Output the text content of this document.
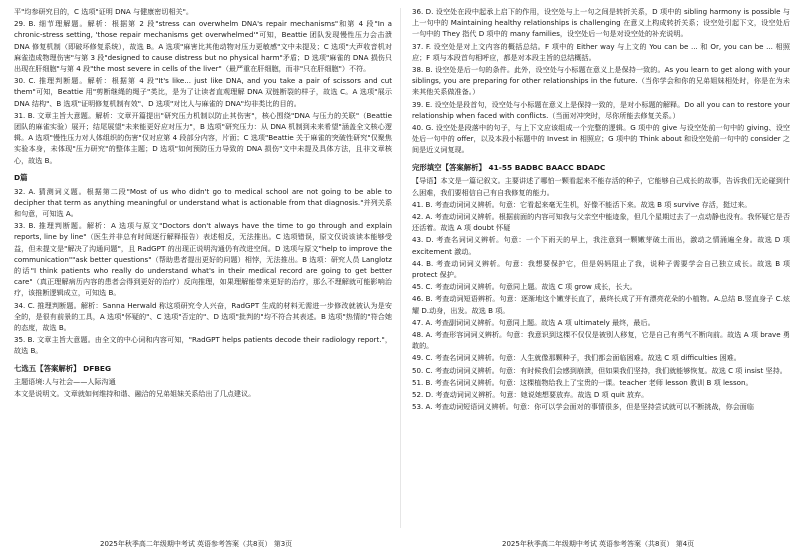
平"均参研究目的，C 选项"证明 DNA 与健康密切相关"。

29. B. 细节理解题。解析：根据第 2 段"stress can overwhelm DNA's repair mechanisms"和第 4 段"In a chronic-stress setting, 'those repair mechanisms get overwhelmed'"可知，Beattie 团队发现慢性压力会击溃 DNA 修复机制（即破坏修复系统），故选 B。A 选项"麻害比其他动物对压力更敏感"文中未提及；C 选项"大声收音机对麻雀造成物理伤害"与第 3 段"designed to cause distress but no physical harm"矛盾；D 选项"麻雀的 DNA 损伤只出现在肝细胞"与第 4 段"the most severe in cells of the liver"（最严重在肝细胞，而非"只在肝细胞"）不符。

30. C. 推理判断题。解析：根据第 4 段"It's like... just like DNA, and you take a pair of scissors and cut them"可知，Beattie 用"剪断继绳的绳子"类比，是为了让读者直观理解 DNA 双链断裂的样子，故选 C。A 选项"展示 DNA 结构"、B 选项"证明修复机制有效"、D 选项"对比人与麻雀的 DNA"均非类比的目的。

31. B. 文章主旨大意题。解析：文章开篇提出"研究压力机制以防止其伤害"，核心围绕"DNA 与压力的关联"（Beattie 团队的麻雀实验）展开；结尾展望"未来能更好应对压力"，B 选项"研究压力：从 DNA 机制到未来希望"涵盖全文核心逻辑。A 选项"慢性压力对人体组织的伤害"仅对应第 4 段部分内容，片面；C 选项"Beattie 关于麻雀的突破性研究"仅聚焦实验本身，未体现"压力研究"的整体主题；D 选项"如何预防压力导致的 DNA 损伤"文中未提及具体方法，且非文章核心，故选 B。

D篇

32. A. 猜测词义题。根据第二段"Most of us who didn't go to medical school are not going to be able to decipher that term as anything meaningful or understand what is actionable from that diagnosis."并列关系和句意，可知选 A。

33. B. 推理判断题。解析：A 选项与原文"Doctors don't always have the time to go through and explain reports, line by line"（医生并非总有时间逐行解释报告）表述相反，无法推出。C 选项错误，原文仅说该读本能够受益，但未提文是"解决了沟通问题"，且 RadGPT 的出现正说明沟通仍有改进空间。D 选项与原文"help to improve the communication""ask better questions"（帮助患者提出更好的问题）相悖，无法推出。B 选项：研究人员 Langlotz 的话"I think patients who really do understand what's in their medical record are going to get better care"（真正理解病历内容的患者会得到更好的治疗）反向推理，如果理解能带来更好的治疗，那么不理解就可能影响治疗，该推断逻辑成立，可知选 B。

34. C. 推理判断题。解析：Sanna Herwald 称这项研究令人兴奋，RadGPT 生成的材料无需进一步修改就被认为是安全的，是很有前景的工具，A 选项"怀疑的"、C 选项"否定的"、D 选项"批判的"均不符合其表述。B 选项"热情的"符合她的态度，故选 B。

35. B. 文章主旨大意题。由全文的中心词和内容可知，"RadGPT helps patients decode their radiology report."，故选 B。

七选五【答案解析】 DFBEG

主题语境:人与社会——人际沟通

本文是说明文。文章就如何维持和谐、融洽的兄弟姐妹关系给出了几点建议。

36. D. 设空处在段中起承上启下的作用，设空处与上一句之间是转折关系，D 项中的 sibling harmony is possible 与上一句中的 Maintaining healthy relationships is challenging 在意义上构成转折关系；设空处引起下文，设空处后一句中的 They 指代 D 项中的 many families，设空处后一句是对设空处的补充说明。

37. F. 设空处是对上文内容的概括总结。F 项中的 Either way 与上文的 You can be ... 和 Or, you can be ... 相照应；F 项与本段首句相呼应，都是对本段主旨的总结概括。

38. B. 设空处是后一句的条件。此外，设空处与小标题在意义上是保持一致的。As you learn to get along with your siblings, you are preparing for other relationships in the future.（当你学会和你的兄弟姐妹相处时，你是在为未来其他关系做准备。）

39. E. 设空处是段首句，设空处与小标题在意义上是保持一致的，是对小标题的解释。Do all you can to restore your relationship when faced with conflicts.（当面对冲突时，尽你所能去修复关系。）

40. G. 设空处是段落中的句子，与上下文应该组成一个完整的逻辑。G 项中的 give 与设空处前一句中的 giving、设空处后一句中的 offer，以及本段小标题中的 Invest in 相照应；G 项中的 Think about 和设空处前一句中的 consider 之间是近义词复现。

完形填空【答案解析】 41-55 BADBC BAACC BDADC

【导语】本文是一篇记叙文。主要讲述了哪怕一颗看起来不能存活的种子，它能够自己成长的故事，告诉我们无论碰到什么困难，我们要相信自己有自我修复的能力。

41. B. 考查动词词义辨析。句意：它看起来毫无生机，好像不能活下来。故选 B 项 survive 存活，挺过来。

42. A. 考查动词词义辨析。根据前面的内容可知我与父亲空中能迹象，但几个星期过去了一点动静也没有。我怀疑它是否还活着。故选 A 项 doubt 怀疑

43. D. 考查名词词义辨析。句意：一个下雨天的早上，我注意到一颗嫩芽破土而出，激动之情涌遍全身。故选 D 项 excitement 激动。

44. B. 考查动词词义辨析。句意：我想要保护它，但是妈妈阻止了我，说种子需要学会自己独立成长。故选 B 项 protect 保护。

45. C. 考查动词词义辨析。句意同上题。故选 C 项 grow 成长，长大。

46. B. 考查动词短语辨析。句意：逐渐地这个嫩芽长直了，最终长成了开有漂亮花朵的小植物。A.总结 B.竖直身子 C.炫耀 D.动身，出发。故选 B 项。

47. A. 考查副词词义辨析。句意同上题。故选 A 项 ultimately 最终，最后。

48. A. 考查形容词词义辨析。句意：我意识到这棵不仅仅是被别人移复，它是自己有勇气不断向前。故选 A 项 brave 勇敢的。

49. C. 考查名词词义辨析。句意：人生就像那颗种子，我们都会面临困难。故选 C 项 difficulties 困难。

50. C. 考查动词词义辨析。句意：有时候我们会感到崩溃，但如果我们坚持，我们就能够恢复。故选 C 项 insist 坚持。

51. B. 考查名词词义辨析。句意：这棵植物给我上了宝贵的一课。teacher 老师 lesson 教训 B 项 lesson。

52. D. 考查动词词义辨析。句意：她说她想要放弃。故选 D 项 quit 放弃。

53. A. 考查动词短语词义辨析。句意：你可以学会面对的事情很多，但是坚持尝试就可以不断挑战，你会面临

2025年秋季高二年级期中考试 英语参考答案（共8页） 第3页	2025年秋季高二年级期中考试 英语参考答案（共8页） 第4页
